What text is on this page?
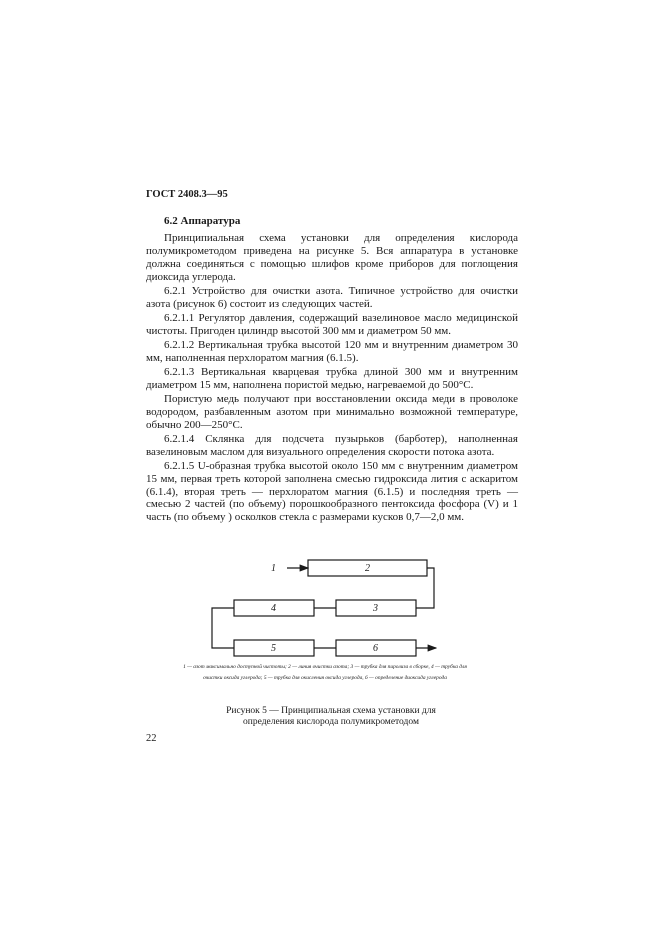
ГОСТ 2408.3—95
6.2 Аппаратура

Принципиальная схема установки для определения кислорода полумикрометодом приведена на рисунке 5. Вся аппаратура в установке должна соединяться с помощью шлифов кроме приборов для поглощения диоксида углерода.

6.2.1 Устройство для очистки азота. Типичное устройство для очистки азота (рисунок 6) состоит из следующих частей.

6.2.1.1 Регулятор давления, содержащий вазелиновое масло медицинской чистоты. Пригоден цилиндр высотой 300 мм и диаметром 50 мм.

6.2.1.2 Вертикальная трубка высотой 120 мм и внутренним диаметром 30 мм, наполненная перхлоратом магния (6.1.5).

6.2.1.3 Вертикальная кварцевая трубка длиной 300 мм и внутренним диаметром 15 мм, наполнена пористой медью, нагреваемой до 500°С.

Пористую медь получают при восстановлении оксида меди в проволоке водородом, разбавленным азотом при минимально возможной температуре, обычно 200—250°С.

6.2.1.4 Склянка для подсчета пузырьков (барботер), наполненная вазелиновым маслом для визуального определения скорости потока азота.

6.2.1.5 U-образная трубка высотой около 150 мм с внутренним диаметром 15 мм, первая треть которой заполнена смесью гидроксида лития с аскаритом (6.1.4), вторая треть — перхлоратом магния (6.1.5) и последняя треть — смесью 2 частей (по объему) порошкообразного пентоксида фосфора (V) и 1 часть (по объему ) осколков стекла с размерами кусков 0,7—2,0 мм.

1	2
3
4
5	6
1 — азот максимально доступной чистоты; 2 — линия очистки азота; 3 — трубка для пиролиза в сборке, 4 — трубка для очистки оксида углерода; 5 — трубка для окисления оксида углерода, 6 — определение диоксида углерода
Рисунок 5 — Принципиальная схема установки для определения кислорода полумикрометодом
22
